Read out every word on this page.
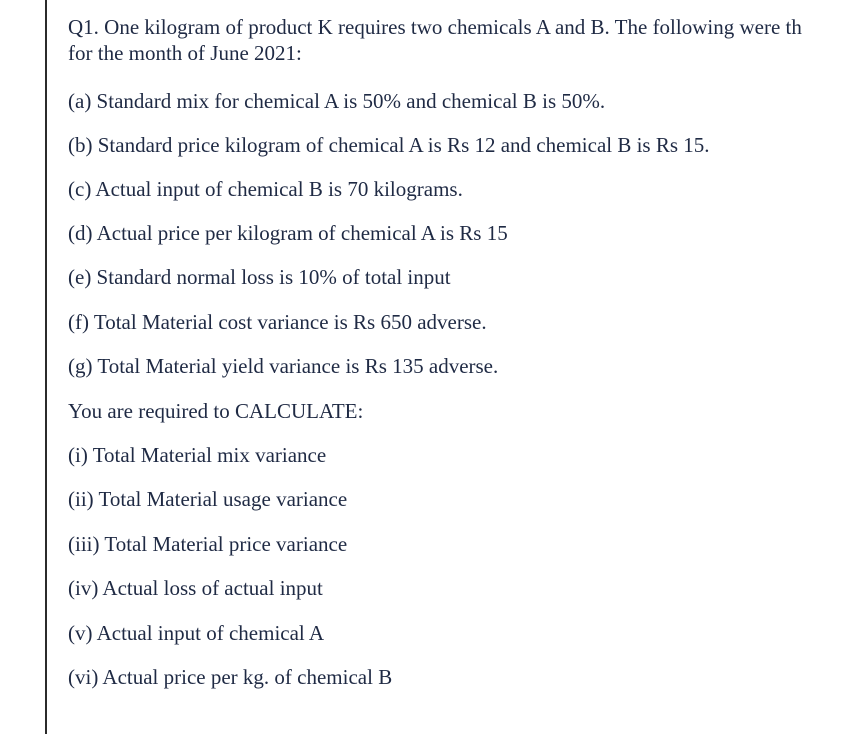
Q1. One kilogram of product K requires two chemicals A and B. The following were th

for the month of June 2021:

(a) Standard mix for chemical A is 50% and chemical B is 50%.

(b) Standard price kilogram of chemical A is Rs 12 and chemical B is Rs 15.

(c) Actual input of chemical B is 70 kilograms.

(d) Actual price per kilogram of chemical A is Rs 15

(e) Standard normal loss is 10% of total input

(f) Total Material cost variance is Rs 650 adverse.

(g) Total Material yield variance is Rs 135 adverse.

You are required to CALCULATE:

(i) Total Material mix variance

(ii) Total Material usage variance

(iii) Total Material price variance

(iv) Actual loss of actual input

(v) Actual input of chemical A

(vi) Actual price per kg. of chemical B
